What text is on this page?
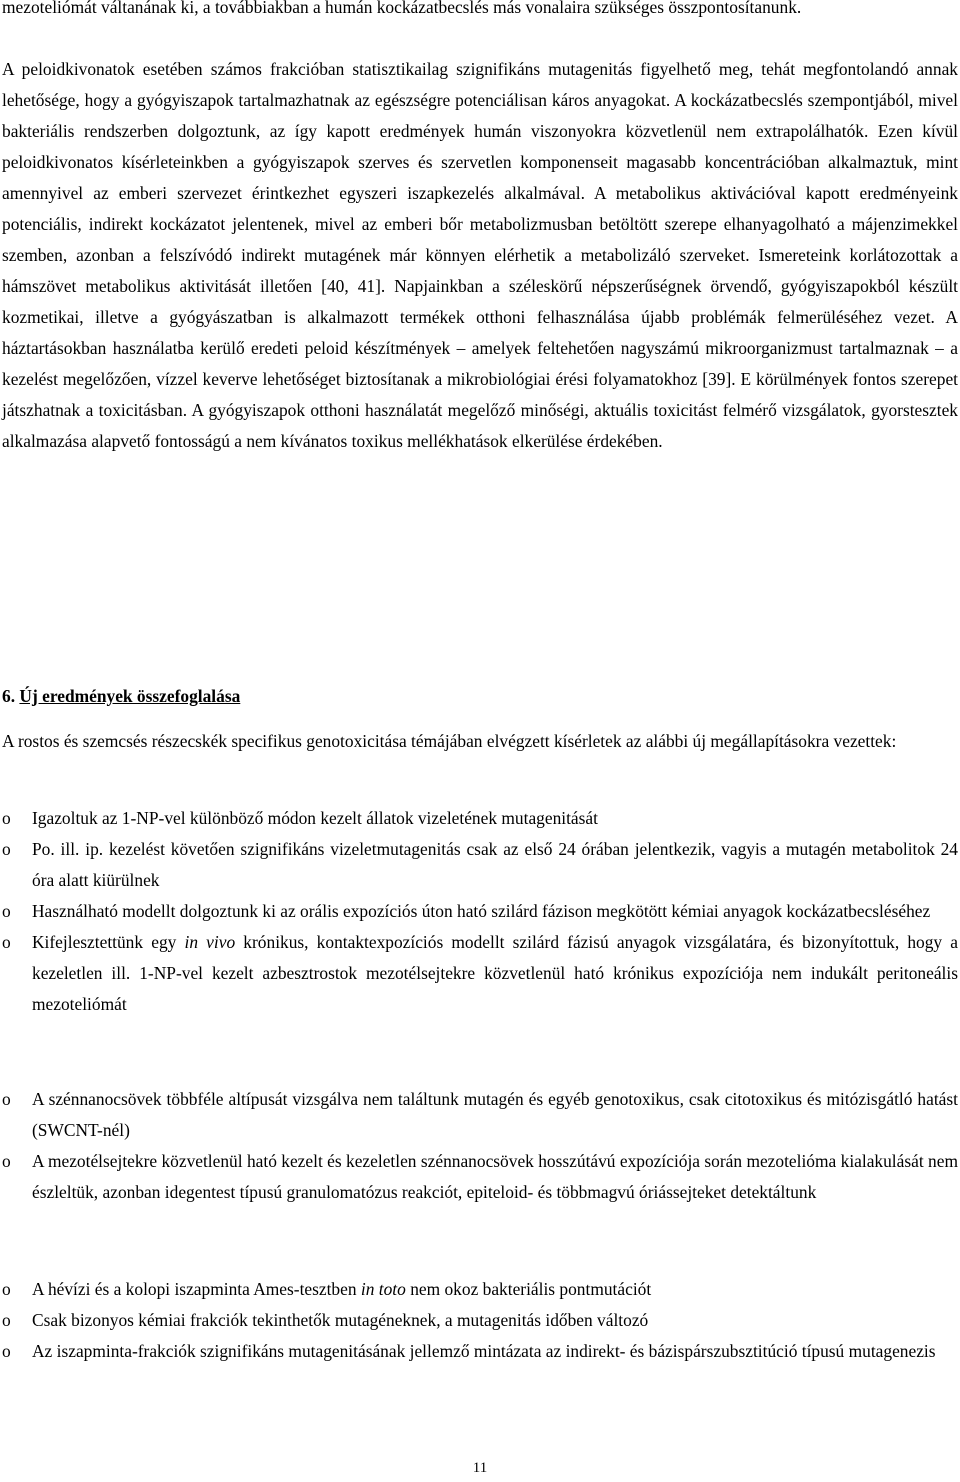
mezoteliómát váltanának ki, a továbbiakban a humán kockázatbecslés más vonalaira szükséges összpontosítanunk.

A peloidkivonatok esetében számos frakcióban statisztikailag szignifikáns mutagenitás figyelhető meg, tehát megfontolandó annak lehetősége, hogy a gyógyiszapok tartalmazhatnak az egészségre potenciálisan káros anyagokat. A kockázatbecslés szempontjából, mivel bakteriális rendszerben dolgoztunk, az így kapott eredmények humán viszonyokra közvetlenül nem extrapolálhatók. Ezen kívül peloidkivonatos kísérleteinkben a gyógyiszapok szerves és szervetlen komponenseit magasabb koncentrációban alkalmaztuk, mint amennyivel az emberi szervezet érintkezhet egyszeri iszapkezelés alkalmával. A metabolikus aktivációval kapott eredményeink potenciális, indirekt kockázatot jelentenek, mivel az emberi bőr metabolizmusban betöltött szerepe elhanyagolható a májenzimekkel szemben, azonban a felszívódó indirekt mutagének már könnyen elérhetik a metabolizáló szerveket. Ismereteink korlátozottak a hámszövet metabolikus aktivitását illetően [40, 41]. Napjainkban a széleskörű népszerűségnek örvendő, gyógyiszapokból készült kozmetikai, illetve a gyógyászatban is alkalmazott termékek otthoni felhasználása újabb problémák felmerüléséhez vezet. A háztartásokban használatba kerülő eredeti peloid készítmények – amelyek feltehetően nagyszámú mikroorganizmust tartalmaznak – a kezelést megelőzően, vízzel keverve lehetőséget biztosítanak a mikrobiológiai érési folyamatokhoz [39]. E körülmények fontos szerepet játszhatnak a toxicitásban. A gyógyiszapok otthoni használatát megelőző minőségi, aktuális toxicitást felmérő vizsgálatok, gyorstesztek alkalmazása alapvető fontosságú a nem kívánatos toxikus mellékhatások elkerülése érdekében.

6. Új eredmények összefoglalása

A rostos és szemcsés részecskék specifikus genotoxicitása témájában elvégzett kísérletek az alábbi új megállapításokra vezettek:

o Igazoltuk az 1-NP-vel különböző módon kezelt állatok vizeletének mutagenitását
o Po. ill. ip. kezelést követően szignifikáns vizeletmutagenitás csak az első 24 órában jelentkezik, vagyis a mutagén metabolitok 24 óra alatt kiürülnek
o Használható modellt dolgoztunk ki az orális expozíciós úton ható szilárd fázison megkötött kémiai anyagok kockázatbecsléséhez
o Kifejlesztettünk egy in vivo krónikus, kontaktexpozíciós modellt szilárd fázisú anyagok vizsgálatára, és bizonyítottuk, hogy a kezeletlen ill. 1-NP-vel kezelt azbesztrostok mezotélsejtekre közvetlenül ható krónikus expozíciója nem indukált peritoneális mezoteliómát
o A szénnanocsövek többféle altípusát vizsgálva nem találtunk mutagén és egyéb genotoxikus, csak citotoxikus és mitózisgátló hatást (SWCNT-nél)
o A mezotélsejtekre közvetlenül ható kezelt és kezeletlen szénnanocsövek hosszútávú expozíciója során mezotelióma kialakulását nem észleltük, azonban idegentest típusú granulomatózus reakciót, epiteloid- és többmagvú óriássejteket detektáltunk
o A hévízi és a kolopi iszapminta Ames-tesztben in toto nem okoz bakteriális pontmutációt
o Csak bizonyos kémiai frakciók tekinthetők mutagéneknek, a mutagenitás időben változó
o Az iszapminta-frakciók szignifikáns mutagenitásának jellemző mintázata az indirekt- és bázispárszubsztitúció típusú mutagenezis
11
